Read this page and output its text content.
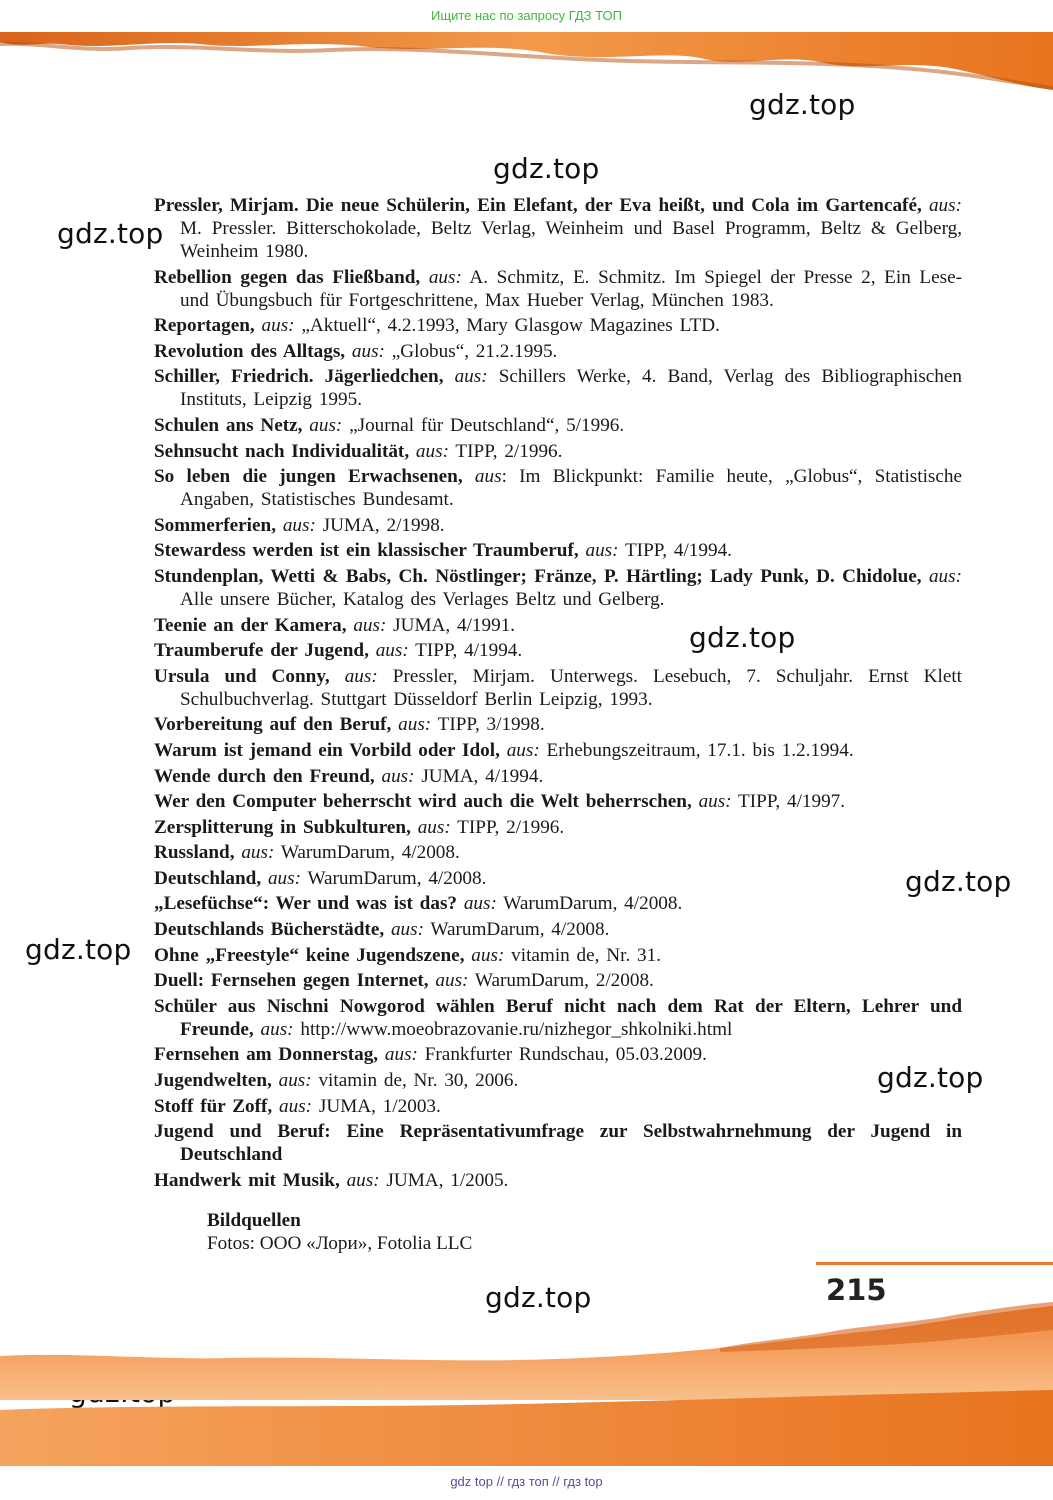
Ищите нас по запросу ГДЗ ТОП
gdz.top
gdz.top
gdz.top
gdz.top
gdz.top
gdz.top
gdz.top
gdz.top
Pressler, Mirjam. Die neue Schülerin, Ein Elefant, der Eva heißt, und Cola im Gartencafé, aus: M. Pressler. Bitterschokolade, Beltz Verlag, Weinheim und Basel Programm, Beltz & Gelberg, Weinheim 1980.
Rebellion gegen das Fließband, aus: A. Schmitz, E. Schmitz. Im Spiegel der Presse 2, Ein Lese- und Übungsbuch für Fortgeschrittene, Max Hueber Verlag, München 1983.
Reportagen, aus: „Aktuell“, 4.2.1993, Mary Glasgow Magazines LTD.
Revolution des Alltags, aus: „Globus“, 21.2.1995.
Schiller, Friedrich. Jägerliedchen, aus: Schillers Werke, 4. Band, Verlag des Bibliographischen Instituts, Leipzig 1995.
Schulen ans Netz, aus: „Journal für Deutschland“, 5/1996.
Sehnsucht nach Individualität, aus: TIPP, 2/1996.
So leben die jungen Erwachsenen, aus: Im Blickpunkt: Familie heute, „Globus“, Statistische Angaben, Statistisches Bundesamt.
Sommerferien, aus: JUMA, 2/1998.
Stewardess werden ist ein klassischer Traumberuf, aus: TIPP, 4/1994.
Stundenplan, Wetti & Babs, Ch. Nöstlinger; Fränze, P. Härtling; Lady Punk, D. Chidolue, aus: Alle unsere Bücher, Katalog des Verlages Beltz und Gelberg.
Teenie an der Kamera, aus: JUMA, 4/1991.
Traumberufe der Jugend, aus: TIPP, 4/1994.
Ursula und Conny, aus: Pressler, Mirjam. Unterwegs. Lesebuch, 7. Schuljahr. Ernst Klett Schulbuchverlag. Stuttgart Düsseldorf Berlin Leipzig, 1993.
Vorbereitung auf den Beruf, aus: TIPP, 3/1998.
Warum ist jemand ein Vorbild oder Idol, aus: Erhebungszeitraum, 17.1. bis 1.2.1994.
Wende durch den Freund, aus: JUMA, 4/1994.
Wer den Computer beherrscht wird auch die Welt beherrschen, aus: TIPP, 4/1997.
Zersplitterung in Subkulturen, aus: TIPP, 2/1996.
Russland, aus: WarumDarum, 4/2008.
Deutschland, aus: WarumDarum, 4/2008.
„Lesefüchse“: Wer und was ist das? aus: WarumDarum, 4/2008.
Deutschlands Bücherstädte, aus: WarumDarum, 4/2008.
Ohne „Freestyle“ keine Jugendszene, aus: vitamin de, Nr. 31.
Duell: Fernsehen gegen Internet, aus: WarumDarum, 2/2008.
Schüler aus Nischni Nowgorod wählen Beruf nicht nach dem Rat der Eltern, Lehrer und Freunde, aus: http://www.moeobrazovanie.ru/nizhegor_shkolniki.html
Fernsehen am Donnerstag, aus: Frankfurter Rundschau, 05.03.2009.
Jugendwelten, aus: vitamin de, Nr. 30, 2006.
Stoff für Zoff, aus: JUMA, 1/2003.
Jugend und Beruf: Eine Repräsentativumfrage zur Selbstwahrnehmung der Jugend in Deutschland
Handwerk mit Musik, aus: JUMA, 1/2005.
Bildquellen
Fotos: ООО «Лори», Fotolia LLC
215
gdz top // гдз топ // гдз top
